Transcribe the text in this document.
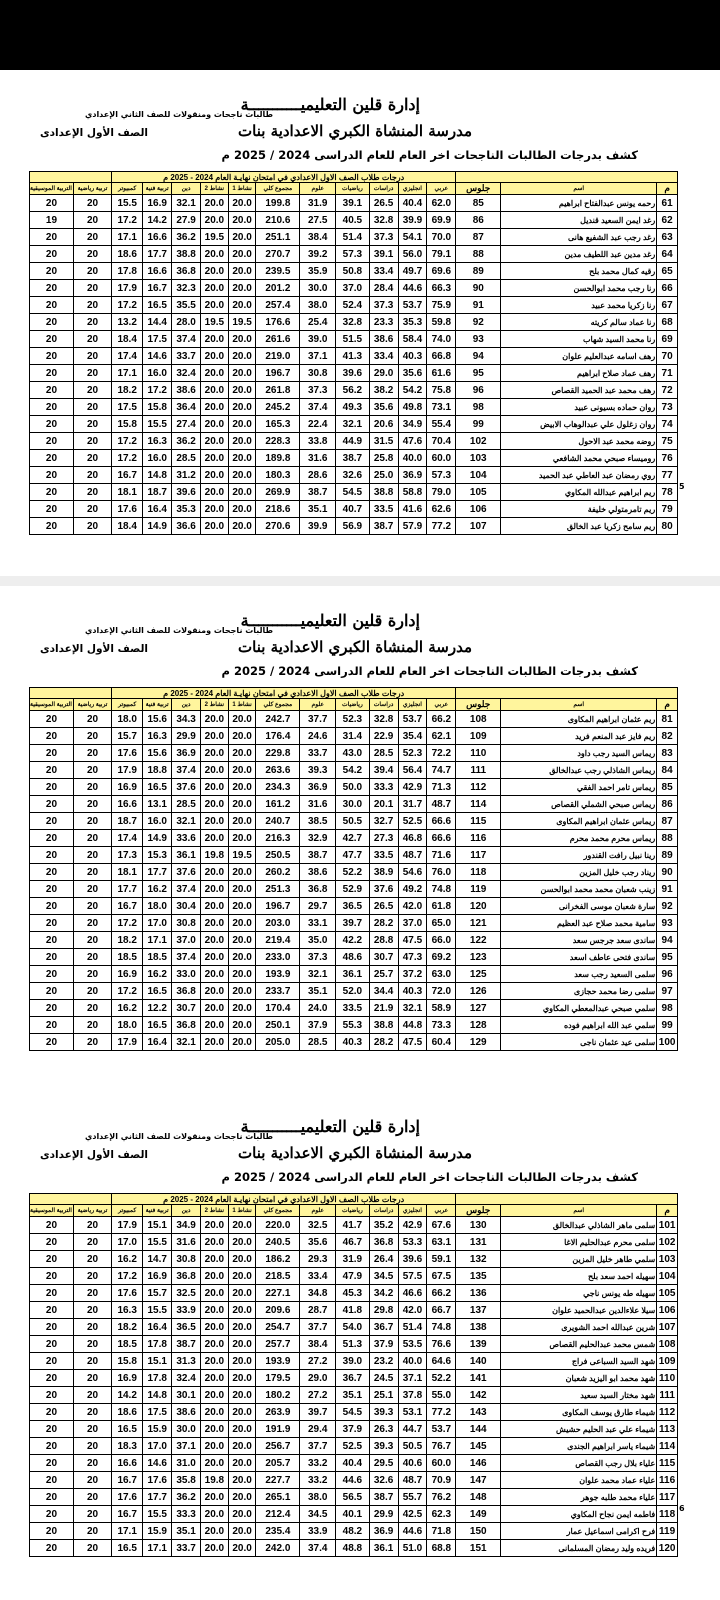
إدارة قلين التعليميـــــــــــة
طالبات ناجحات ومنقولات للصف الثاني الإعدادي
مدرسة المنشاة الكبري الاعدادية بنات
الصف الأول الإعدادى
كشف بدرجات الطالبات الناجحات اخر العام للعام الدراسى 2024 / 2025 م
5
			درجات طلاب الصف الاول الاعدادي في امتحان نهايـة العام 2024 - 2025 م												
م	اسم	جلوس	عربي	انجليزي	دراسات	رياضيات	علوم	مجموع كلي	نشاط 1	نشاط 2	دين	تربية فنية	كمبيوتر	تربية رياضية	التربية الموسيقية
61	رحمه يونس عبدالفتاح ابراهيم	85	62.0	40.4	26.5	39.1	31.9	199.8	20.0	20.0	32.1	16.9	15.5	20	20
62	رغد ايمن السعيد قنديل	86	69.9	39.9	32.8	40.5	27.5	210.6	20.0	20.0	27.9	14.2	17.2	20	19
63	رغد رجب عبد الشفيع هانى	87	70.0	54.1	37.3	51.4	38.4	251.1	20.0	19.5	36.2	16.6	17.1	20	20
64	رغد مدين عبد اللطيف مدين	88	79.1	56.0	39.1	57.3	39.2	270.7	20.0	20.0	38.8	17.7	18.6	20	20
65	رقيه كمال محمد بلح	89	69.6	49.7	33.4	50.8	35.9	239.5	20.0	20.0	36.8	16.6	17.8	20	20
66	رنا رجب محمد ابوالحسن	90	66.3	44.6	28.4	37.0	30.0	201.2	20.0	20.0	32.3	16.7	17.9	20	20
67	رنا زكريا محمد عبيد	91	75.9	53.7	37.3	52.4	38.0	257.4	20.0	20.0	35.5	16.5	17.2	20	20
68	رنا عماد سالم كريته	92	59.8	35.3	23.3	32.8	25.4	176.6	19.5	19.5	28.0	14.4	13.2	20	20
69	رنا محمد السيد شهاب	93	74.0	58.4	38.6	51.5	39.0	261.6	20.0	20.0	37.4	17.5	18.4	20	20
70	رهف اسامه عبدالعليم علوان	94	66.8	40.3	33.4	41.3	37.1	219.0	20.0	20.0	33.7	14.6	17.4	20	20
71	رهف عماد صلاح ابراهيم	95	61.6	35.6	29.0	39.6	30.8	196.7	20.0	20.0	32.4	16.0	17.1	20	20
72	رهف محمد عبد الحميد القصاص	96	75.8	54.2	38.2	56.2	37.3	261.8	20.0	20.0	38.6	17.2	18.2	20	20
73	روان حماده بسيونى عبيد	98	73.1	49.8	35.6	49.3	37.4	245.2	20.0	20.0	36.4	15.8	17.5	20	20
74	روان زغلول علي عبدالوهاب الابيض	99	55.4	34.9	20.6	32.1	22.4	165.3	20.0	20.0	27.4	15.5	15.8	20	20
75	روضه محمد عبد الاحول	102	70.4	47.6	31.5	44.9	33.8	228.3	20.0	20.0	36.2	16.3	17.2	20	20
76	روميساء صبحي محمد الشافعي	103	60.0	40.0	25.8	38.7	31.6	189.8	20.0	20.0	28.5	16.0	17.2	20	20
77	روي رمضان عبد العاطي عبد الحميد	104	57.3	36.9	25.0	32.6	28.6	180.3	20.0	20.0	31.2	14.8	16.7	20	20
78	ريم ابراهيم عبدالله المكاوي	105	79.0	58.8	38.8	54.5	38.7	269.9	20.0	20.0	39.6	18.7	18.1	20	20
79	ريم تامرمتولي خليفة	106	62.6	41.6	33.5	40.7	35.1	218.6	20.0	20.0	35.3	16.4	17.6	20	20
80	ريم سامح زكريا عبد الخالق	107	77.2	57.9	38.7	56.9	39.9	270.6	20.0	20.0	36.6	14.9	18.4	20	20
إدارة قلين التعليميـــــــــــة
طالبات ناجحات ومنقولات للصف الثاني الإعدادي
مدرسة المنشاة الكبري الاعدادية بنات
الصف الأول الإعدادى
كشف بدرجات الطالبات الناجحات اخر العام للعام الدراسى 2024 / 2025 م
			درجات طلاب الصف الاول الاعدادي في امتحان نهايـة العام 2024 - 2025 م												
م	اسم	جلوس	عربي	انجليزي	دراسات	رياضيات	علوم	مجموع كلي	نشاط 1	نشاط 2	دين	تربية فنية	كمبيوتر	تربية رياضية	التربية الموسيقية
81	ريم عثمان ابراهيم المكاوى	108	66.2	53.7	32.8	52.3	37.7	242.7	20.0	20.0	34.3	15.6	18.0	20	20
82	ريم فايز عبد المنعم فريد	109	62.1	35.4	22.9	31.4	24.6	176.4	20.0	20.0	29.9	16.3	15.7	20	20
83	ريماس السيد رجب داود	110	72.2	52.3	28.5	43.0	33.7	229.8	20.0	20.0	36.9	15.6	17.6	20	20
84	ريماس الشاذلي رجب عبدالخالق	111	74.7	56.4	39.4	54.2	39.3	263.6	20.0	20.0	37.4	18.8	17.9	20	20
85	ريماس تامر احمد الفقي	112	71.3	42.9	33.3	50.0	36.9	234.3	20.0	20.0	37.6	16.5	16.9	20	20
86	ريماس صبحي الشملي القصاص	114	48.7	31.7	20.1	30.0	31.6	161.2	20.0	20.0	28.5	13.1	16.6	20	20
87	ريماس عثمان ابراهيم المكاوى	115	66.6	52.5	32.7	50.5	38.5	240.7	20.0	20.0	32.1	16.0	18.7	20	20
88	ريماس محرم محمد محرم	116	66.6	46.8	27.3	42.7	32.9	216.3	20.0	20.0	33.6	14.9	17.4	20	20
89	رينا نبيل رافت القندور	117	71.6	48.7	33.5	47.7	38.7	250.5	19.5	19.8	36.1	15.3	17.3	20	20
90	ريناد رجب خليل المزين	118	76.0	54.6	38.9	52.2	38.6	260.2	20.0	20.0	37.6	17.7	18.1	20	20
91	زينب شعبان محمد محمد ابوالحسن	119	74.8	49.2	37.6	52.9	36.8	251.3	20.0	20.0	37.4	16.2	17.7	20	20
92	سارة شعبان موسى الفخرانى	120	61.8	42.0	26.5	36.5	29.7	196.7	20.0	20.0	30.4	18.0	16.7	20	20
93	سامية محمد صلاح عبد العظيم	121	65.0	37.0	28.2	39.7	33.1	203.0	20.0	20.0	30.8	17.0	17.2	20	20
94	ساندى سعد جرجس سعد	122	66.0	47.5	28.8	42.2	35.0	219.4	20.0	20.0	37.0	17.1	18.2	20	20
95	ساندى فتحى عاطف اسعد	123	69.2	47.3	30.7	48.6	37.3	233.0	20.0	20.0	37.4	18.5	18.5	20	20
96	سلمى السعيد رجب سعد	125	63.0	37.2	25.7	36.1	32.1	193.9	20.0	20.0	33.0	16.2	16.9	20	20
97	سلمى رضا محمد حجازى	126	72.0	40.3	34.4	52.0	35.1	233.7	20.0	20.0	36.8	16.5	17.2	20	20
98	سلمي صبحي عبدالمعطي المكاوي	127	58.9	32.1	21.9	33.5	24.0	170.4	20.0	20.0	30.7	12.2	16.2	20	20
99	سلمي عبد الله ابراهيم فوده	128	73.3	44.8	38.8	55.3	37.9	250.1	20.0	20.0	36.8	16.5	18.0	20	20
100	سلمى عيد عثمان ناجى	129	60.4	47.5	28.2	40.3	28.5	205.0	20.0	20.0	32.1	16.4	17.9	20	20
إدارة قلين التعليميـــــــــــة
طالبات ناجحات ومنقولات للصف الثاني الإعدادي
مدرسة المنشاة الكبري الاعدادية بنات
الصف الأول الإعدادى
كشف بدرجات الطالبات الناجحات اخر العام للعام الدراسى 2024 / 2025 م
6
			درجات طلاب الصف الاول الاعدادي في امتحان نهايـة العام 2024 - 2025 م												
م	اسم	جلوس	عربي	انجليزي	دراسات	رياضيات	علوم	مجموع كلي	نشاط 1	نشاط 2	دين	تربية فنية	كمبيوتر	تربية رياضية	التربية الموسيقية
101	سلمى ماهر الشاذلي عبدالخالق	130	67.6	42.9	35.2	41.7	32.5	220.0	20.0	20.0	34.9	15.1	17.9	20	20
102	سلمى محرم عبدالحليم الاغا	131	63.1	53.3	36.8	46.7	35.6	240.5	20.0	20.0	31.6	15.5	17.0	20	20
103	سلمي طاهر خليل المزين	132	59.1	39.6	26.4	31.9	29.3	186.2	20.0	20.0	30.8	14.7	16.2	20	20
104	سهيله احمد سعد بلح	135	67.5	57.5	34.5	47.9	33.4	218.5	20.0	20.0	36.8	16.9	17.2	20	20
105	سهيله طه يونس ناجي	136	66.2	46.6	34.2	45.3	34.8	227.1	20.0	20.0	32.5	15.7	17.6	20	20
106	سيلا علاءالدين عبدالحميد علوان	137	66.7	42.0	29.8	41.8	28.7	209.6	20.0	20.0	33.9	15.5	16.3	20	20
107	شرين عبدالله احمد الشويرى	138	74.8	51.4	36.7	54.0	37.7	254.7	20.0	20.0	36.5	16.4	18.2	20	20
108	شمس محمد عبدالحليم القصاص	139	76.6	53.5	37.9	51.3	38.4	257.7	20.0	20.0	38.7	17.8	18.5	20	20
109	شهد السيد السباعى فراج	140	64.6	40.0	23.2	39.0	27.2	193.9	20.0	20.0	31.3	15.1	15.8	20	20
110	شهد محمد ابو اليزيد شعبان	141	52.2	37.1	24.5	36.7	29.0	179.5	20.0	20.0	32.4	17.8	16.9	20	20
111	شهد مختار السيد سعيد	142	55.0	37.8	25.1	35.1	27.2	180.2	20.0	20.0	30.1	14.8	14.2	20	20
112	شيماء طارق يوسف المكاوى	143	77.2	53.1	39.3	54.5	39.7	263.9	20.0	20.0	38.6	17.5	18.6	20	20
113	شيماء علي عبد الحليم حشيش	144	53.7	44.7	26.3	37.9	29.4	191.9	20.0	20.0	30.0	15.9	16.5	20	20
114	شيماء ياسر ابراهيم الجندى	145	76.7	50.5	39.3	52.5	37.7	256.7	20.0	20.0	37.1	17.0	18.3	20	20
115	علياء بلال رجب القصاص	146	60.0	40.6	29.5	40.4	33.2	205.7	20.0	20.0	31.0	14.6	16.6	20	20
116	علياء عماد محمد علوان	147	70.9	48.7	32.6	44.6	33.2	227.7	20.0	19.8	35.8	17.6	16.7	20	20
117	علياء محمد طلبه جوهر	148	76.2	55.7	38.7	56.5	38.0	265.1	20.0	20.0	36.2	17.7	17.6	20	20
118	فاطمه ايمن نجاح المكاوي	149	62.3	42.5	29.9	40.1	34.5	212.4	20.0	20.0	33.3	15.5	16.7	20	20
119	فرح اكرامى اسماعيل عمار	150	71.8	44.6	36.9	48.2	33.9	235.4	20.0	20.0	35.1	15.9	17.1	20	20
120	فريده وليد رمضان المسلمانى	151	68.8	51.0	36.1	48.8	37.4	242.0	20.0	20.0	33.7	17.1	16.5	20	20
